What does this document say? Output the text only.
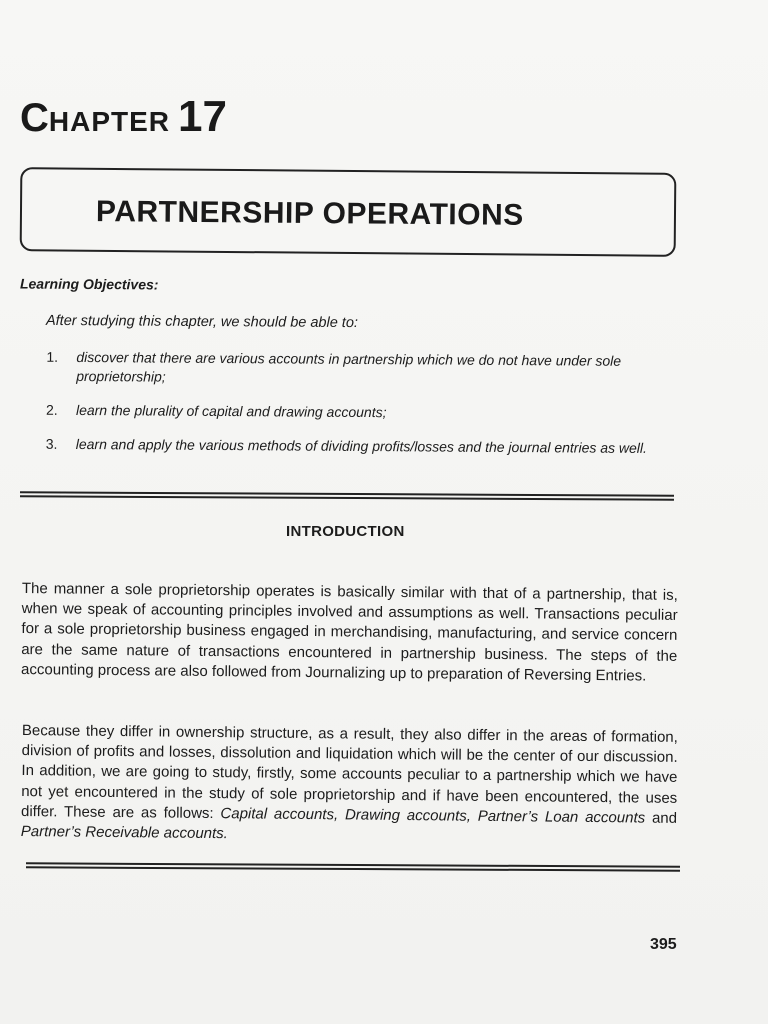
CHAPTER 17
PARTNERSHIP OPERATIONS
Learning Objectives:
After studying this chapter, we should be able to:
1. discover that there are various accounts in partnership which we do not have under sole proprietorship;
2. learn the plurality of capital and drawing accounts;
3. learn and apply the various methods of dividing profits/losses and the journal entries as well.
INTRODUCTION

The manner a sole proprietorship operates is basically similar with that of a partnership, that is, when we speak of accounting principles involved and assumptions as well. Transactions peculiar for a sole proprietorship business engaged in merchandising, manufacturing, and service concern are the same nature of transactions encountered in partnership business. The steps of the accounting process are also followed from Journalizing up to preparation of Reversing Entries.

Because they differ in ownership structure, as a result, they also differ in the areas of formation, division of profits and losses, dissolution and liquidation which will be the center of our discussion. In addition, we are going to study, firstly, some accounts peculiar to a partnership which we have not yet encountered in the study of sole proprietorship and if have been encountered, the uses differ. These are as follows: Capital accounts, Drawing accounts, Partner’s Loan accounts and Partner’s Receivable accounts.

395
